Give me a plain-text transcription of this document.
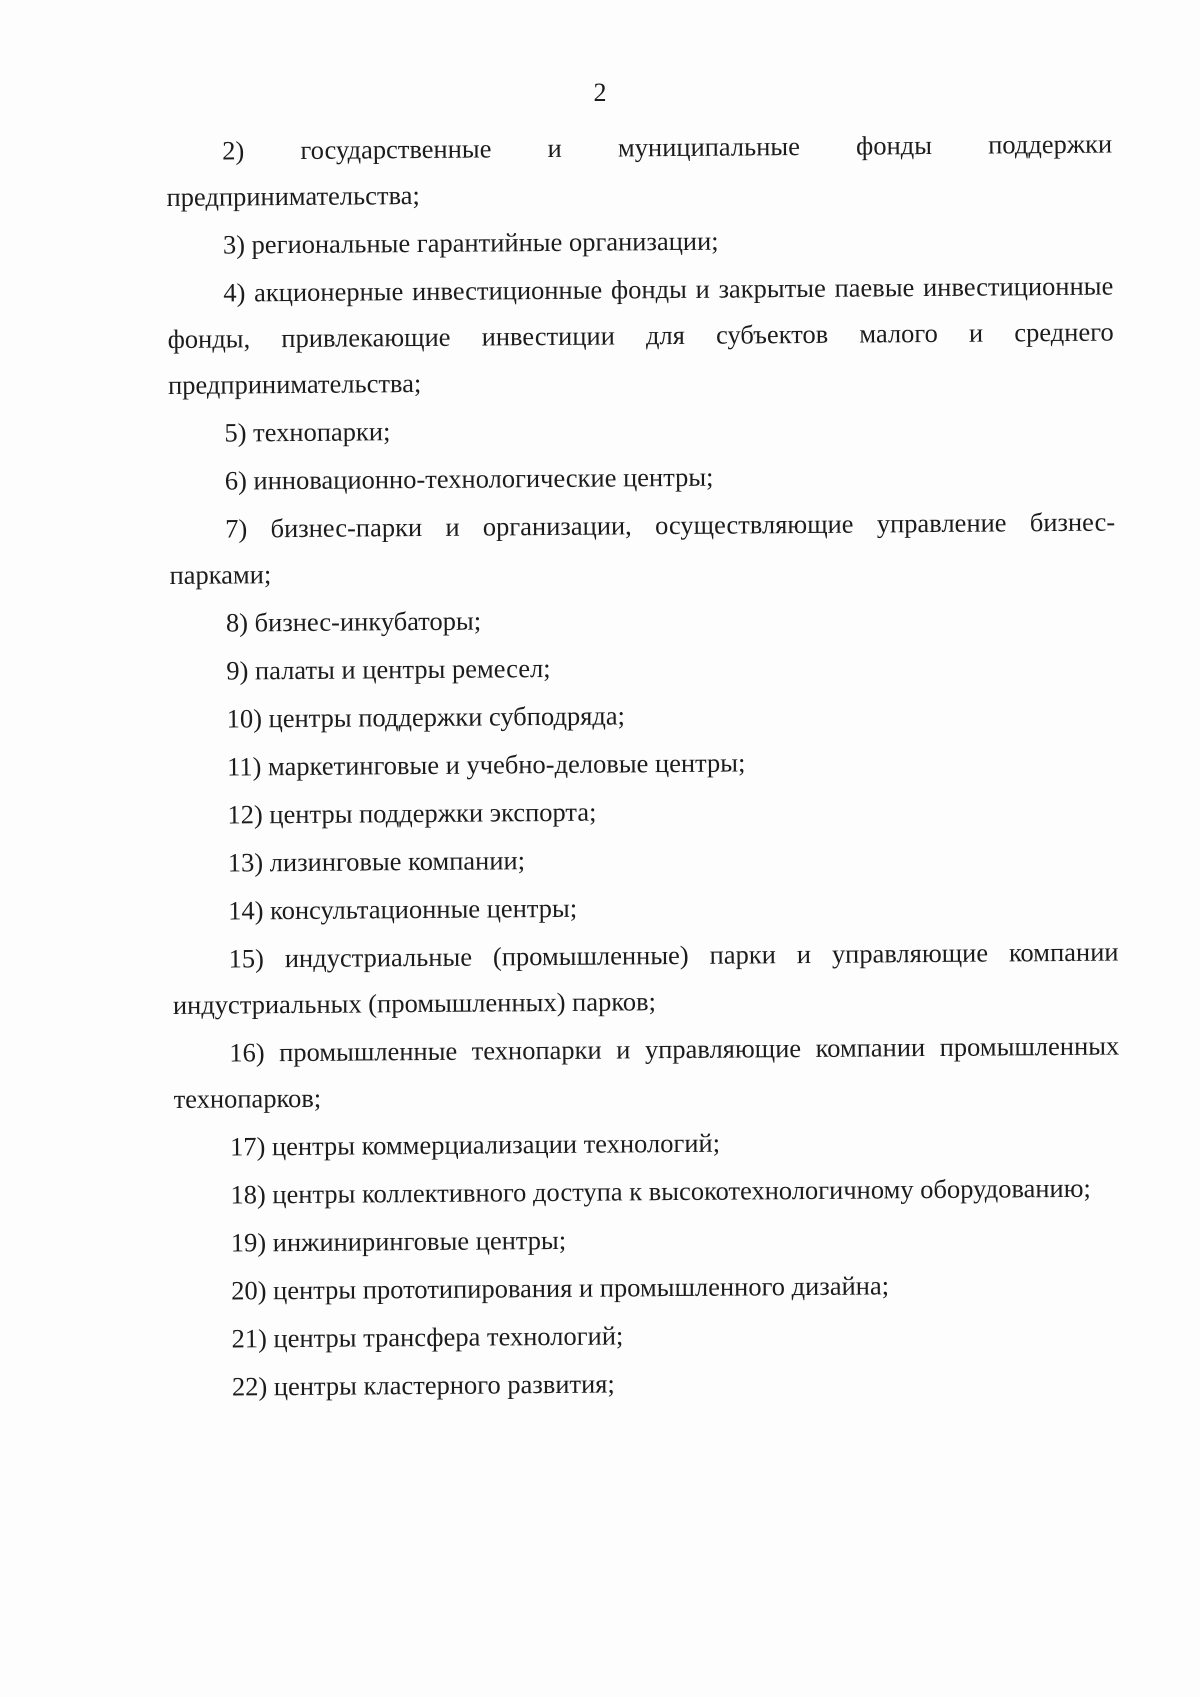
2

2) государственные и муниципальные фонды поддержки предпринимательства;

3) региональные гарантийные организации;

4) акционерные инвестиционные фонды и закрытые паевые инвестиционные фонды, привлекающие инвестиции для субъектов малого и среднего предпринимательства;

5) технопарки;

6) инновационно-технологические центры;

7) бизнес-парки и организации, осуществляющие управление бизнес-парками;

8) бизнес-инкубаторы;

9) палаты и центры ремесел;

10) центры поддержки субподряда;

11) маркетинговые и учебно-деловые центры;

12) центры поддержки экспорта;

13) лизинговые компании;

14) консультационные центры;

15) индустриальные (промышленные) парки и управляющие компании индустриальных (промышленных) парков;

16) промышленные технопарки и управляющие компании промышленных технопарков;

17) центры коммерциализации технологий;

18) центры коллективного доступа к высокотехнологичному оборудованию;

19) инжиниринговые центры;

20) центры прототипирования и промышленного дизайна;

21) центры трансфера технологий;

22) центры кластерного развития;
